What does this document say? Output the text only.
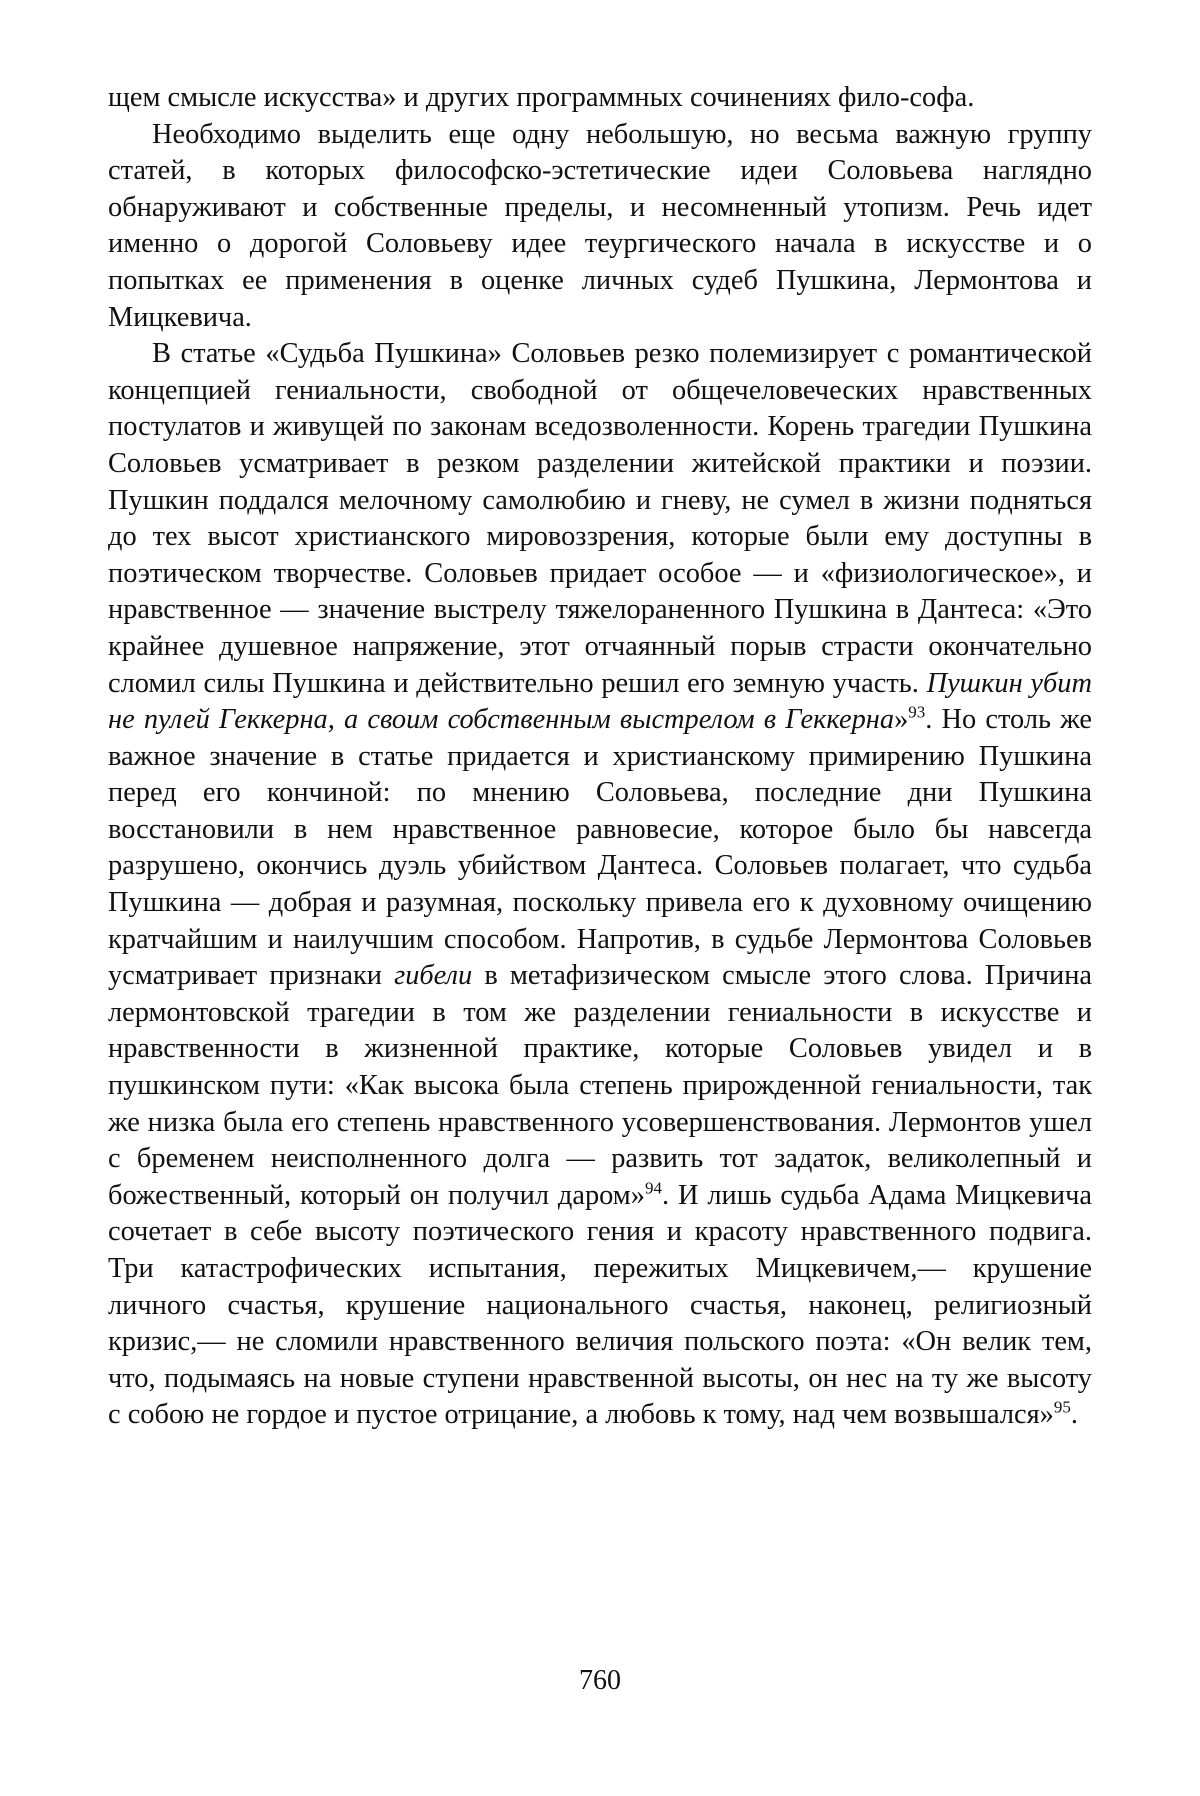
щем смысле искусства» и других программных сочинениях фило-софа.

Необходимо выделить еще одну небольшую, но весьма важную группу статей, в которых философско-эстетические идеи Соловьева наглядно обнаруживают и собственные пределы, и несомненный утопизм. Речь идет именно о дорогой Соловьеву идее теургического начала в искусстве и о попытках ее применения в оценке личных судеб Пушкина, Лермонтова и Мицкевича.

В статье «Судьба Пушкина» Соловьев резко полемизирует с романтической концепцией гениальности, свободной от общечеловеческих нравственных постулатов и живущей по законам вседозволенности. Корень трагедии Пушкина Соловьев усматривает в резком разделении житейской практики и поэзии. Пушкин поддался мелочному самолюбию и гневу, не сумел в жизни подняться до тех высот христианского мировоззрения, которые были ему доступны в поэтическом творчестве. Соловьев придает особое — и «физиологическое», и нравственное — значение выстрелу тяжелораненного Пушкина в Дантеса: «Это крайнее душевное напряжение, этот отчаянный порыв страсти окончательно сломил силы Пушкина и действительно решил его земную участь. Пушкин убит не пулей Геккерна, а своим собственным выстрелом в Геккерна»$^{93}$. Но столь же важное значение в статье придается и христианскому примирению Пушкина перед его кончиной: по мнению Соловьева, последние дни Пушкина восстановили в нем нравственное равновесие, которое было бы навсегда разрушено, окончись дуэль убийством Дантеса. Соловьев полагает, что судьба Пушкина — добрая и разумная, поскольку привела его к духовному очищению кратчайшим и наилучшим способом. Напротив, в судьбе Лермонтова Соловьев усматривает признаки гибели в метафизическом смысле этого слова. Причина лермонтовской трагедии в том же разделении гениальности в искусстве и нравственности в жизненной практике, которые Соловьев увидел и в пушкинском пути: «Как высока была степень прирожденной гениальности, так же низка была его степень нравственного усовершенствования. Лермонтов ушел с бременем неисполненного долга — развить тот задаток, великолепный и божественный, который он получил даром»$^{94}$. И лишь судьба Адама Мицкевича сочетает в себе высоту поэтического гения и красоту нравственного подвига. Три катастрофических испытания, пережитых Мицкевичем,— крушение личного счастья, крушение национального счастья, наконец, религиозный кризис,— не сломили нравственного величия польского поэта: «Он велик тем, что, подымаясь на новые ступени нравственной высоты, он нес на ту же высоту с собою не гордое и пустое отрицание, а любовь к тому, над чем возвышался»$^{95}$.

760
